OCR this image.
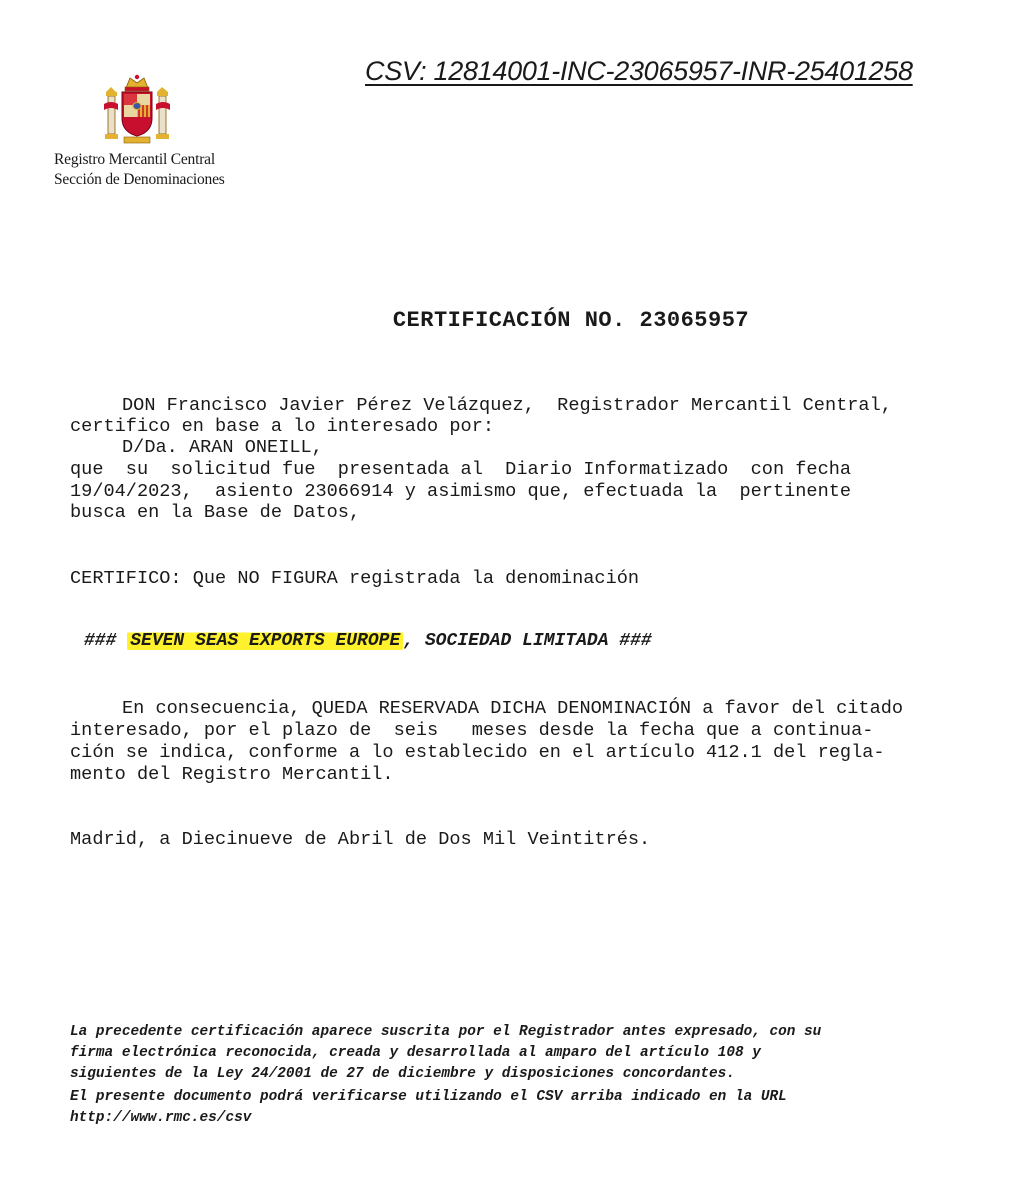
CSV: 12814001-INC-23065957-INR-25401258
Registro Mercantil Central
Sección de Denominaciones
CERTIFICACIÓN NO. 23065957
DON Francisco Javier Pérez Velázquez,  Registrador Mercantil Central,
certifico en base a lo interesado por:
D/Da. ARAN ONEILL,
que  su  solicitud fue  presentada al  Diario Informatizado  con fecha
19/04/2023,  asiento 23066914 y asimismo que, efectuada la  pertinente
busca en la Base de Datos,
CERTIFICO: Que NO FIGURA registrada la denominación
### SEVEN SEAS EXPORTS EUROPE , SOCIEDAD LIMITADA ###
En consecuencia, QUEDA RESERVADA DICHA DENOMINACIÓN a favor del citado
interesado, por el plazo de  seis   meses desde la fecha que a continua-
ción se indica, conforme a lo establecido en el artículo 412.1 del regla-
mento del Registro Mercantil.
Madrid, a Diecinueve de Abril de Dos Mil Veintitrés.
La precedente certificación aparece suscrita por el Registrador antes expresado, con su
firma electrónica reconocida, creada y desarrollada al amparo del artículo 108 y
siguientes de la Ley 24/2001 de 27 de diciembre y disposiciones concordantes.
El presente documento podrá verificarse utilizando el CSV arriba indicado en la URL
http://www.rmc.es/csv
